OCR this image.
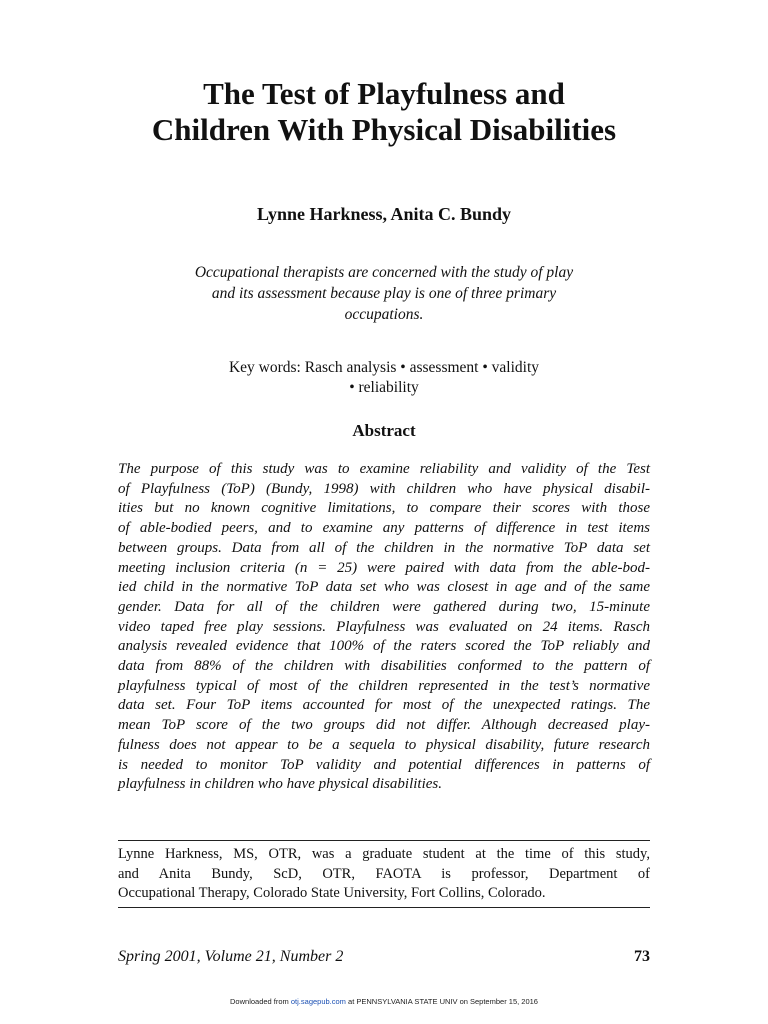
The Test of Playfulness and
Children With Physical Disabilities

Lynne Harkness, Anita C. Bundy

Occupational therapists are concerned with the study of play
and its assessment because play is one of three primary
occupations.

Key words: Rasch analysis • assessment • validity
• reliability

Abstract

The purpose of this study was to examine reliability and validity of the Test
of Playfulness (ToP) (Bundy, 1998) with children who have physical disabil-
ities but no known cognitive limitations, to compare their scores with those
of able-bodied peers, and to examine any patterns of difference in test items
between groups. Data from all of the children in the normative ToP data set
meeting inclusion criteria (n = 25) were paired with data from the able-bod-
ied child in the normative ToP data set who was closest in age and of the same
gender. Data for all of the children were gathered during two, 15-minute
video taped free play sessions. Playfulness was evaluated on 24 items. Rasch
analysis revealed evidence that 100% of the raters scored the ToP reliably and
data from 88% of the children with disabilities conformed to the pattern of
playfulness typical of most of the children represented in the test’s normative
data set. Four ToP items accounted for most of the unexpected ratings. The
mean ToP score of the two groups did not differ. Although decreased play-
fulness does not appear to be a sequela to physical disability, future research
is needed to monitor ToP validity and potential differences in patterns of
playfulness in children who have physical disabilities.

Lynne Harkness, MS, OTR, was a graduate student at the time of this study,
and Anita Bundy, ScD, OTR, FAOTA is professor, Department of
Occupational Therapy, Colorado State University, Fort Collins, Colorado.

Spring 2001, Volume 21, Number 2	73

Downloaded from otj.sagepub.com at PENNSYLVANIA STATE UNIV on September 15, 2016
